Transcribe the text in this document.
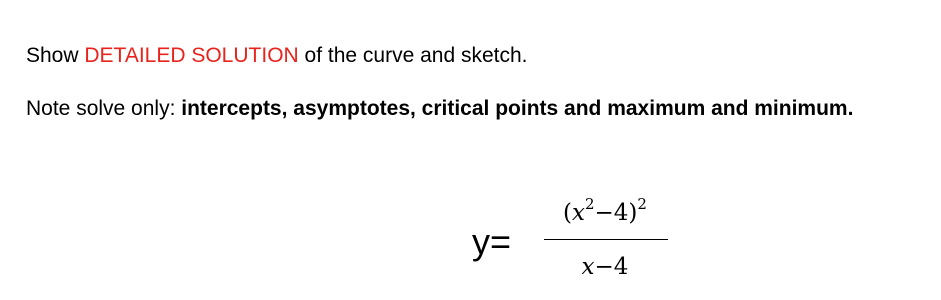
Show DETAILED SOLUTION of the curve and sketch.
Note solve only: intercepts, asymptotes, critical points and maximum and minimum.
y=
$(x^2-4)^2$
x−4
